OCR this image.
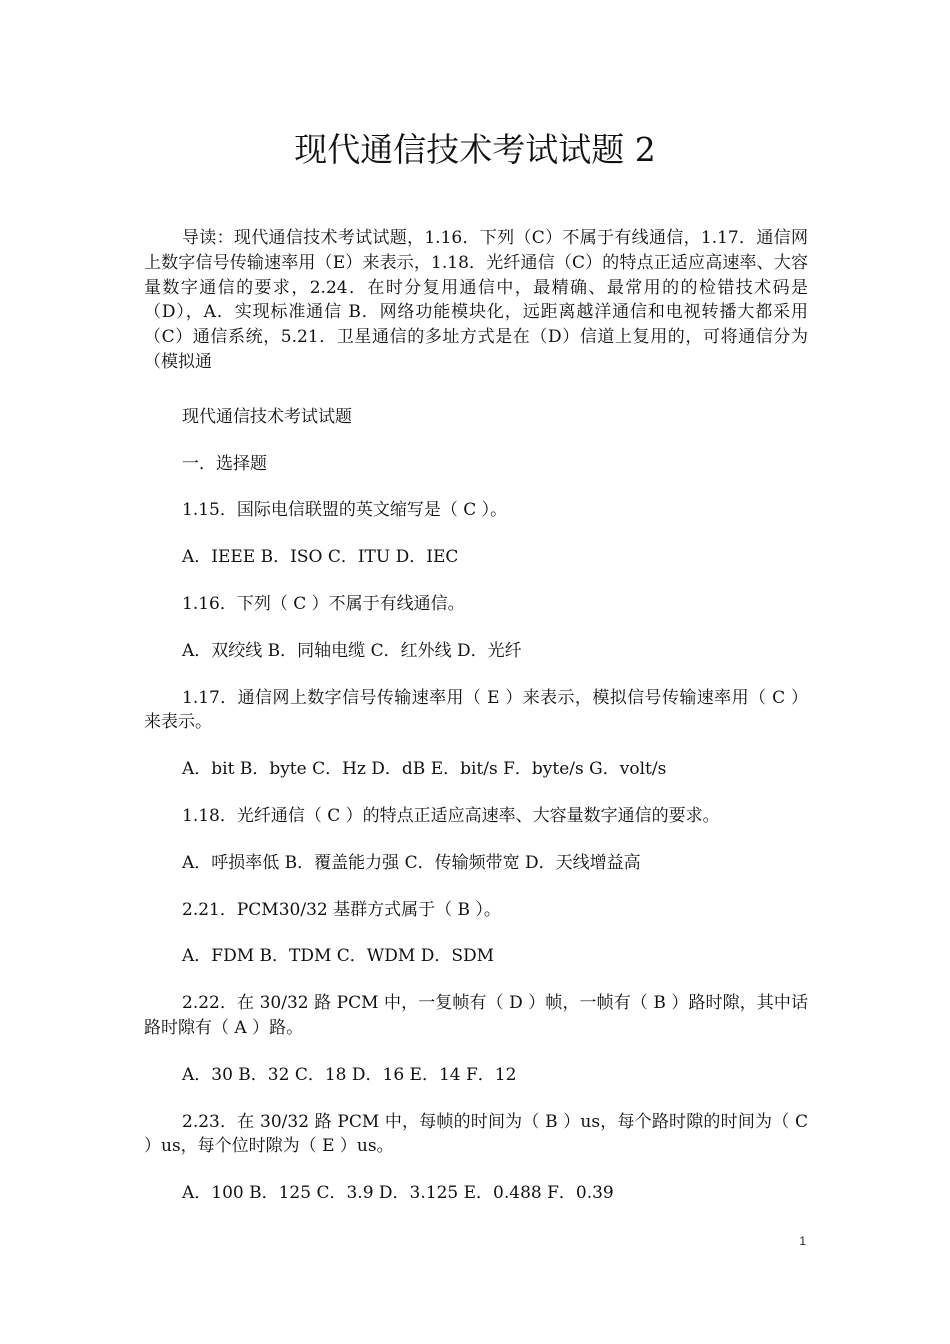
现代通信技术考试试题 2

导读：现代通信技术考试试题，1.16．下列（C）不属于有线通信，1.17．通信网上数字信号传输速率用（E）来表示，1.18．光纤通信（C）的特点正适应高速率、大容量数字通信的要求，2.24．在时分复用通信中，最精确、最常用的的检错技术码是（D），A．实现标准通信 B．网络功能模块化，远距离越洋通信和电视转播大都采用（C）通信系统，5.21．卫星通信的多址方式是在（D）信道上复用的，可将通信分为（模拟通

现代通信技术考试试题

一．选择题

1.15．国际电信联盟的英文缩写是（ C ）。

A．IEEE B．ISO C．ITU D．IEC

1.16．下列（ C ）不属于有线通信。

A．双绞线 B．同轴电缆 C．红外线 D．光纤

1.17．通信网上数字信号传输速率用（ E ）来表示，模拟信号传输速率用（ C ）来表示。

A．bit B．byte C．Hz D．dB E．bit/s F．byte/s G．volt/s

1.18．光纤通信（ C ）的特点正适应高速率、大容量数字通信的要求。

A．呼损率低 B．覆盖能力强 C．传输频带宽 D．天线增益高

2.21．PCM30/32 基群方式属于（ B ）。

A．FDM B．TDM C．WDM D．SDM

2.22．在 30/32 路 PCM 中，一复帧有（ D ）帧，一帧有（ B ）路时隙，其中话路时隙有（ A ）路。

A．30 B．32 C．18 D．16 E．14 F．12

2.23．在 30/32 路 PCM 中，每帧的时间为（ B ）us，每个路时隙的时间为（ C ）us，每个位时隙为（ E ）us。

A．100 B．125 C．3.9 D．3.125 E．0.488 F．0.39

1
